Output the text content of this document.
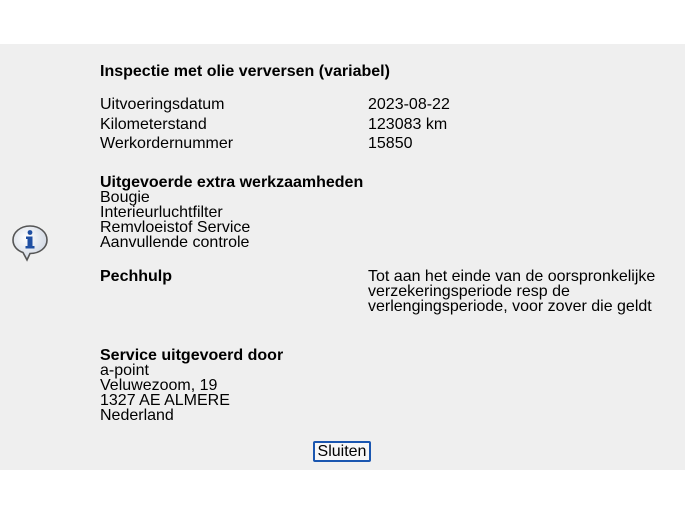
Inspectie met olie verversen (variabel)
Uitvoeringsdatum	2023-08-22
Kilometerstand	123083 km
Werkordernummer	15850
Uitgevoerde extra werkzaamheden
Bougie
Interieurluchtfilter
Remvloeistof Service
Aanvullende controle
Pechhulp	Tot aan het einde van de oorspronkelijke
verzekeringsperiode resp de
verlengingsperiode, voor zover die geldt
Service uitgevoerd door
a-point
Veluwezoom, 19
1327 AE ALMERE
Nederland
Sluiten
